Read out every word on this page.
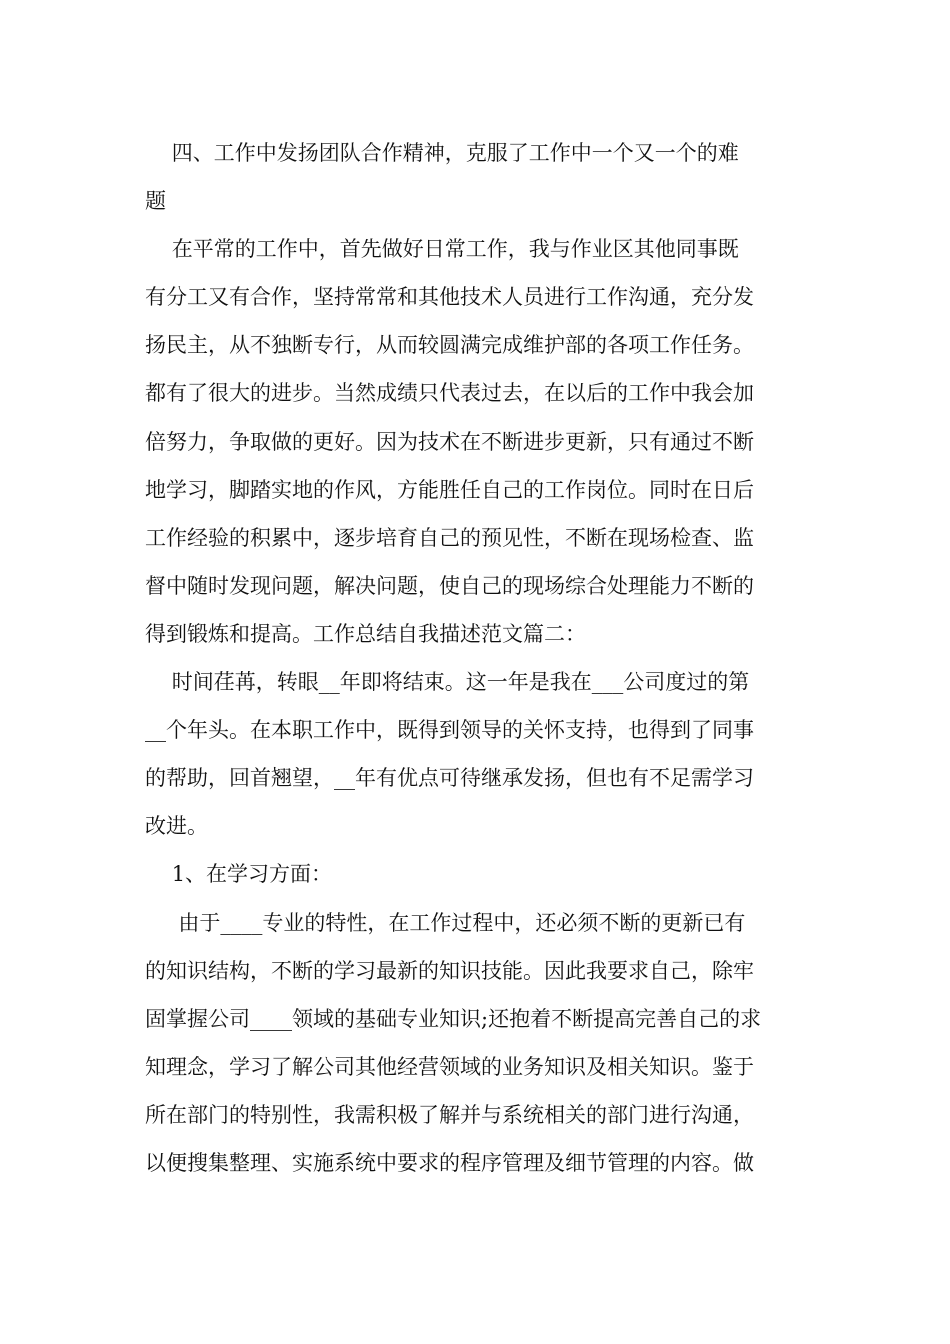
四、工作中发扬团队合作精神，克服了工作中一个又一个的难
题
在平常的工作中，首先做好日常工作，我与作业区其他同事既
有分工又有合作，坚持常常和其他技术人员进行工作沟通，充分发
扬民主，从不独断专行，从而较圆满完成维护部的各项工作任务。
都有了很大的进步。当然成绩只代表过去，在以后的工作中我会加
倍努力，争取做的更好。因为技术在不断进步更新，只有通过不断
地学习，脚踏实地的作风，方能胜任自己的工作岗位。同时在日后
工作经验的积累中，逐步培育自己的预见性，不断在现场检查、监
督中随时发现问题，解决问题，使自己的现场综合处理能力不断的
得到锻炼和提高。工作总结自我描述范文篇二：
时间荏苒，转眼__年即将结束。这一年是我在___公司度过的第
__个年头。在本职工作中，既得到领导的关怀支持，也得到了同事
的帮助，回首翘望，__年有优点可待继承发扬，但也有不足需学习
改进。
1、在学习方面：
由于____专业的特性，在工作过程中，还必须不断的更新已有
的知识结构，不断的学习最新的知识技能。因此我要求自己，除牢
固掌握公司____领域的基础专业知识;还抱着不断提高完善自己的求
知理念，学习了解公司其他经营领域的业务知识及相关知识。鉴于
所在部门的特别性，我需积极了解并与系统相关的部门进行沟通，
以便搜集整理、实施系统中要求的程序管理及细节管理的内容。做
